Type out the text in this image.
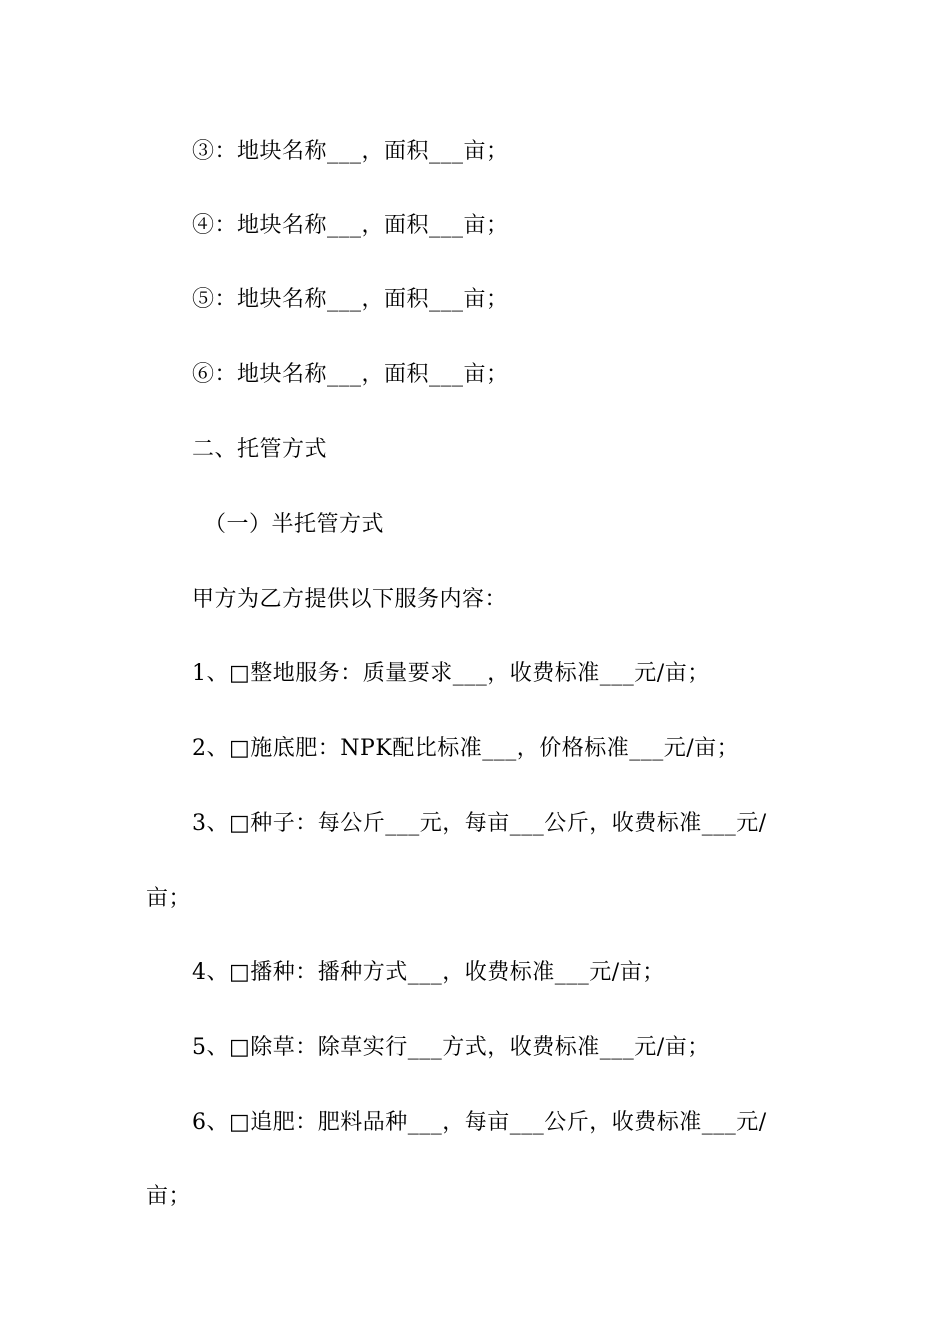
③：地块名称___，面积___亩；
④：地块名称___，面积___亩；
⑤：地块名称___，面积___亩；
⑥：地块名称___，面积___亩；
二、托管方式
（一）半托管方式
甲方为乙方提供以下服务内容：
1、□整地服务：质量要求___，收费标准___元/亩；
2、□施底肥：NPK配比标准___，价格标准___元/亩；
3、□种子：每公斤___元，每亩___公斤，收费标准___元/
亩；
4、□播种：播种方式___，收费标准___元/亩；
5、□除草：除草实行___方式，收费标准___元/亩；
6、□追肥：肥料品种___，每亩___公斤，收费标准___元/
亩；
